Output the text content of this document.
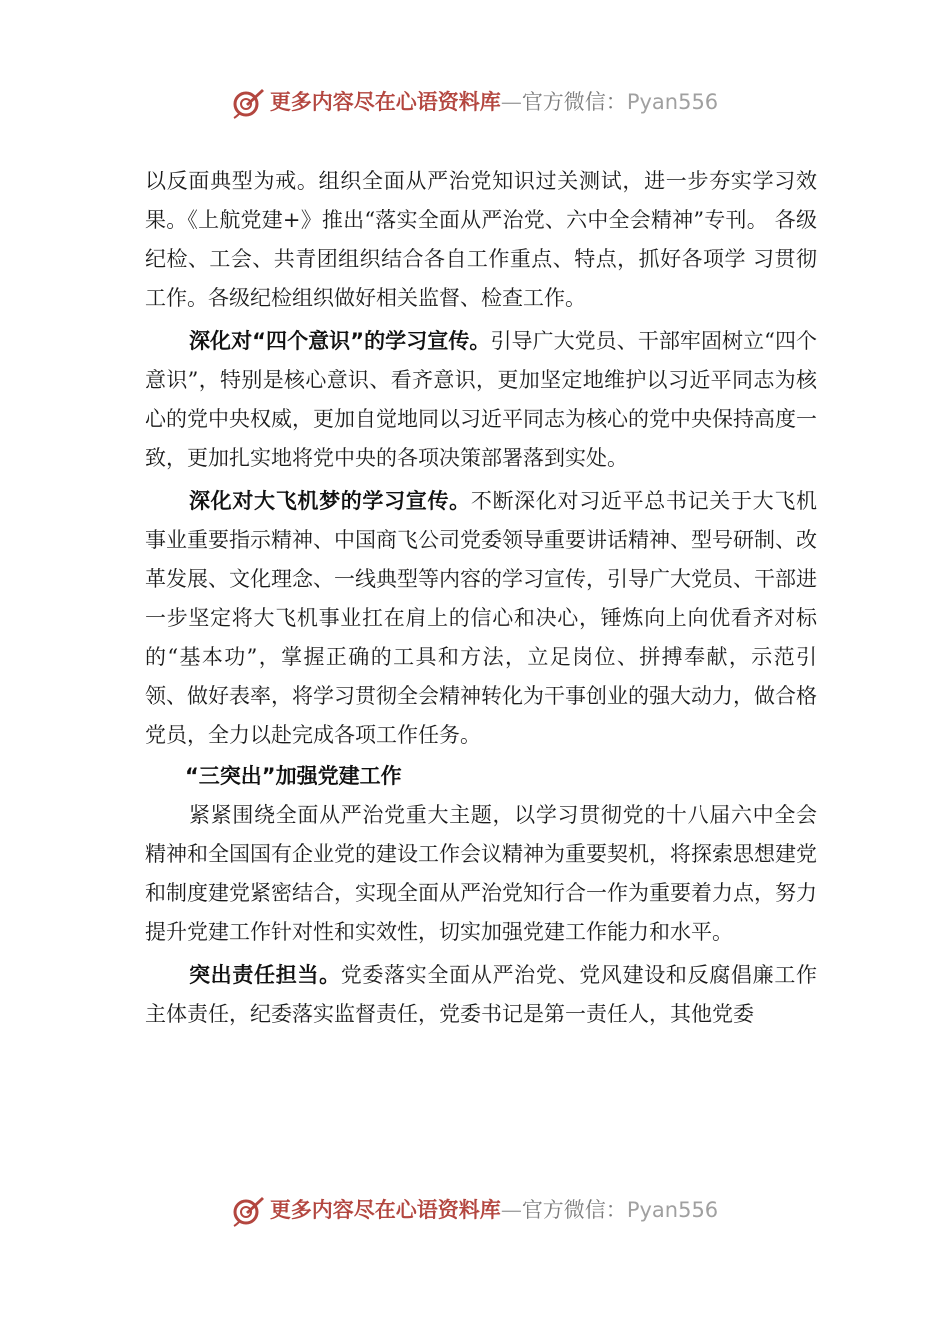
更多内容尽在心语资料库—官方微信：Pyan556

以反面典型为戒。组织全面从严治党知识过关测试，进一步夯实学习效果。《上航党建+》推出“落实全面从严治党、六中全会精神”专刊。 各级纪检、工会、共青团组织结合各自工作重点、特点，抓好各项学 习贯彻工作。各级纪检组织做好相关监督、检查工作。

深化对“四个意识”的学习宣传。引导广大党员、干部牢固树立“四个意识”，特别是核心意识、看齐意识，更加坚定地维护以习近平同志为核心的党中央权威，更加自觉地同以习近平同志为核心的党中央保持高度一致，更加扎实地将党中央的各项决策部署落到实处。

深化对大飞机梦的学习宣传。不断深化对习近平总书记关于大飞机事业重要指示精神、中国商飞公司党委领导重要讲话精神、型号研制、改革发展、文化理念、一线典型等内容的学习宣传，引导广大党员、干部进一步坚定将大飞机事业扛在肩上的信心和决心，锤炼向上向优看齐对标的“基本功”，掌握正确的工具和方法，立足岗位、拼搏奉献，示范引领、做好表率，将学习贯彻全会精神转化为干事创业的强大动力，做合格党员，全力以赴完成各项工作任务。

“三突出”加强党建工作

紧紧围绕全面从严治党重大主题，以学习贯彻党的十八届六中全会精神和全国国有企业党的建设工作会议精神为重要契机，将探索思想建党和制度建党紧密结合，实现全面从严治党知行合一作为重要着力点，努力提升党建工作针对性和实效性，切实加强党建工作能力和水平。

突出责任担当。党委落实全面从严治党、党风建设和反腐倡廉工作主体责任，纪委落实监督责任，党委书记是第一责任人，其他党委

更多内容尽在心语资料库—官方微信：Pyan556
